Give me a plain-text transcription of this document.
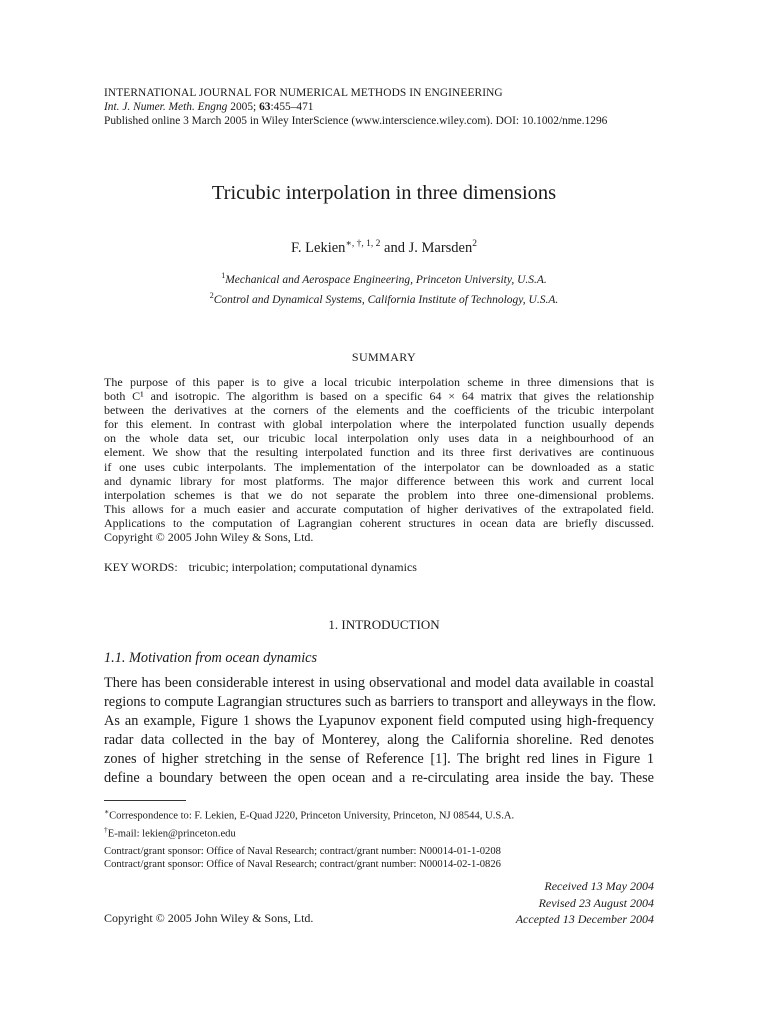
INTERNATIONAL JOURNAL FOR NUMERICAL METHODS IN ENGINEERING
Int. J. Numer. Meth. Engng 2005; 63:455–471
Published online 3 March 2005 in Wiley InterScience (www.interscience.wiley.com). DOI: 10.1002/nme.1296
Tricubic interpolation in three dimensions
F. Lekien$^{∗, \dagger, 1, 2}$ and J. Marsden$^2$
$^1$Mechanical and Aerospace Engineering, Princeton University, U.S.A.
$^2$Control and Dynamical Systems, California Institute of Technology, U.S.A.
SUMMARY
The purpose of this paper is to give a local tricubic interpolation scheme in three dimensions that is
both C¹ and isotropic. The algorithm is based on a specific 64 × 64 matrix that gives the relationship
between the derivatives at the corners of the elements and the coefficients of the tricubic interpolant
for this element. In contrast with global interpolation where the interpolated function usually depends
on the whole data set, our tricubic local interpolation only uses data in a neighbourhood of an
element. We show that the resulting interpolated function and its three first derivatives are continuous
if one uses cubic interpolants. The implementation of the interpolator can be downloaded as a static
and dynamic library for most platforms. The major difference between this work and current local
interpolation schemes is that we do not separate the problem into three one-dimensional problems.
This allows for a much easier and accurate computation of higher derivatives of the extrapolated field.
Applications to the computation of Lagrangian coherent structures in ocean data are briefly discussed.
Copyright © 2005 John Wiley & Sons, Ltd.
KEY WORDS: tricubic; interpolation; computational dynamics
1. INTRODUCTION
1.1. Motivation from ocean dynamics
There has been considerable interest in using observational and model data available in coastal
regions to compute Lagrangian structures such as barriers to transport and alleyways in the flow.
As an example, Figure 1 shows the Lyapunov exponent field computed using high-frequency
radar data collected in the bay of Monterey, along the California shoreline. Red denotes
zones of higher stretching in the sense of Reference [1]. The bright red lines in Figure 1
define a boundary between the open ocean and a re-circulating area inside the bay. These
∗Correspondence to: F. Lekien, E-Quad J220, Princeton University, Princeton, NJ 08544, U.S.A.
†E-mail: lekien@princeton.edu
Contract/grant sponsor: Office of Naval Research; contract/grant number: N00014-01-1-0208
Contract/grant sponsor: Office of Naval Research; contract/grant number: N00014-02-1-0826
Received 13 May 2004
Revised 23 August 2004
Accepted 13 December 2004
Copyright © 2005 John Wiley & Sons, Ltd.
